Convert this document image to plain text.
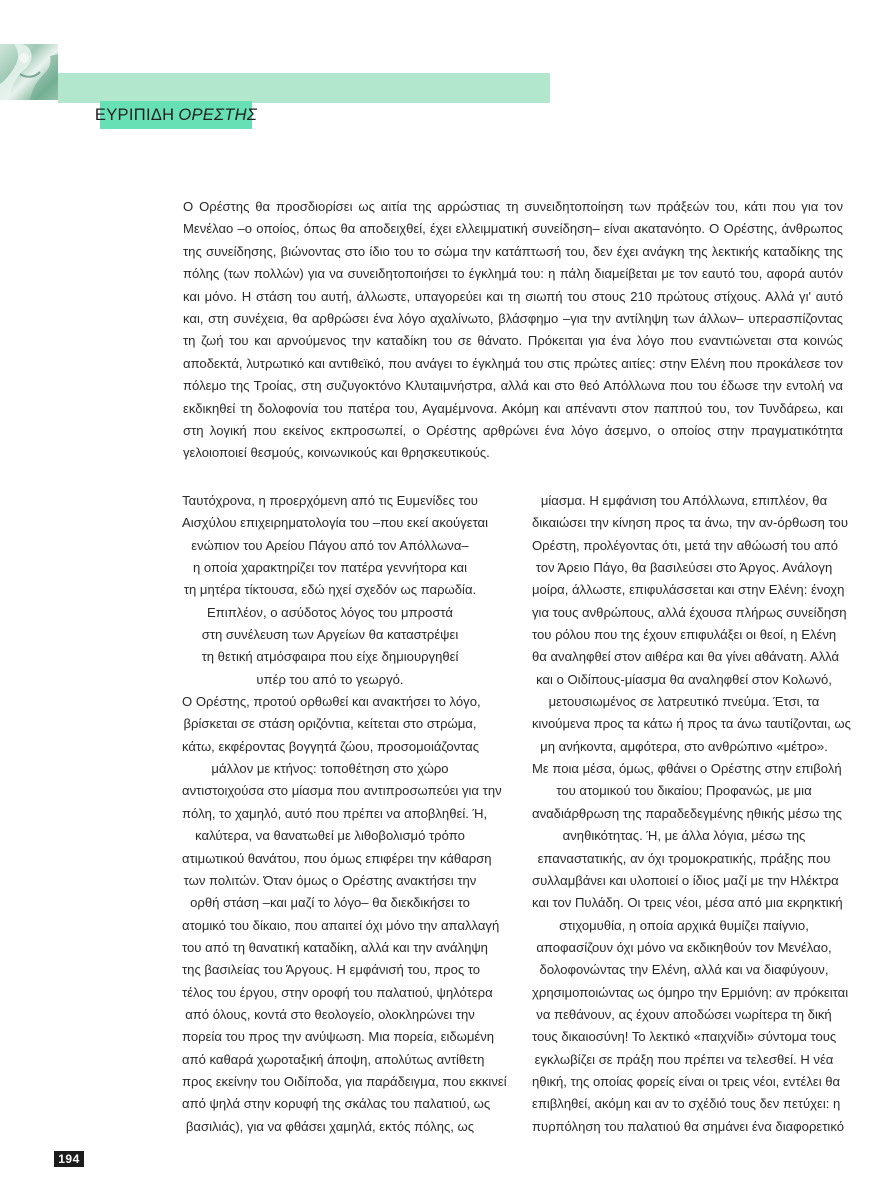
ΕΥΡΙΠΙΔΗ ΟΡΕΣΤΗΣ

Ο Ορέστης θα προσδιορίσει ως αιτία της αρρώστιας τη συνειδητοποίηση των πράξεών του, κάτι που για τον Μενέλαο –ο οποίος, όπως θα αποδειχθεί, έχει ελλειμματική συνείδηση– είναι ακατανόητο. Ο Ορέστης, άνθρωπος της συνείδησης, βιώνοντας στο ίδιο του το σώμα την κατάπτωσή του, δεν έχει ανάγκη της λεκτικής καταδίκης της πόλης (των πολλών) για να συνειδητοποιήσει το έγκλημά του: η πάλη διαμείβεται με τον εαυτό του, αφορά αυτόν και μόνο. Η στάση του αυτή, άλλωστε, υπαγορεύει και τη σιωπή του στους 210 πρώτους στίχους. Αλλά γι' αυτό και, στη συνέχεια, θα αρθρώσει ένα λόγο αχαλίνωτο, βλάσφημο –για την αντίληψη των άλλων– υπερασπίζοντας τη ζωή του και αρνούμενος την καταδίκη του σε θάνατο. Πρόκειται για ένα λόγο που εναντιώνεται στα κοινώς αποδεκτά, λυτρωτικό και αντιθεϊκό, που ανάγει το έγκλημά του στις πρώτες αιτίες: στην Ελένη που προκάλεσε τον πόλεμο της Τροίας, στη συζυγοκτόνο Κλυταιμνήστρα, αλλά και στο θεό Απόλλωνα που του έδωσε την εντολή να εκδικηθεί τη δολοφονία του πατέρα του, Αγαμέμνονα. Ακόμη και απέναντι στον παππού του, τον Τυνδάρεω, και στη λογική που εκείνος εκπροσωπεί, ο Ορέστης αρθρώνει ένα λόγο άσεμνο, ο οποίος στην πραγματικότητα γελοιοποιεί θεσμούς, κοινωνικούς και θρησκευτικούς.

Ταυτόχρονα, η προερχόμενη από τις Ευμενίδες του

Αισχύλου επιχειρηματολογία του –που εκεί ακούγεται

ενώπιον του Αρείου Πάγου από τον Απόλλωνα–

η οποία χαρακτηρίζει τον πατέρα γεννήτορα και

τη μητέρα τίκτουσα, εδώ ηχεί σχεδόν ως παρωδία.

Επιπλέον, ο ασύδοτος λόγος του μπροστά

στη συνέλευση των Αργείων θα καταστρέψει

τη θετική ατμόσφαιρα που είχε δημιουργηθεί

υπέρ του από το γεωργό.

Ο Ορέστης, προτού ορθωθεί και ανακτήσει το λόγο,

βρίσκεται σε στάση οριζόντια, κείτεται στο στρώμα,

κάτω, εκφέροντας βογγητά ζώου, προσομοιάζοντας

μάλλον με κτήνος: τοποθέτηση στο χώρο

αντιστοιχούσα στο μίασμα που αντιπροσωπεύει για την

πόλη, το χαμηλό, αυτό που πρέπει να αποβληθεί. Ή,

καλύτερα, να θανατωθεί με λιθοβολισμό τρόπο

ατιμωτικού θανάτου, που όμως επιφέρει την κάθαρση

των πολιτών. Όταν όμως ο Ορέστης ανακτήσει την

ορθή στάση –και μαζί το λόγο– θα διεκδικήσει το

ατομικό του δίκαιο, που απαιτεί όχι μόνο την απαλλαγή

του από τη θανατική καταδίκη, αλλά και την ανάληψη

της βασιλείας του Άργους. Η εμφάνισή του, προς το

τέλος του έργου, στην οροφή του παλατιού, ψηλότερα

από όλους, κοντά στο θεολογείο, ολοκληρώνει την

πορεία του προς την ανύψωση. Μια πορεία, ειδωμένη

από καθαρά χωροταξική άποψη, απολύτως αντίθετη

προς εκείνην του Οιδίποδα, για παράδειγμα, που εκκινεί

από ψηλά στην κορυφή της σκάλας του παλατιού, ως

βασιλιάς), για να φθάσει χαμηλά, εκτός πόλης, ως

μίασμα. Η εμφάνιση του Απόλλωνα, επιπλέον, θα

δικαιώσει την κίνηση προς τα άνω, την αν-όρθωση του

Ορέστη, προλέγοντας ότι, μετά την αθώωσή του από

τον Άρειο Πάγο, θα βασιλεύσει στο Άργος. Ανάλογη

μοίρα, άλλωστε, επιφυλάσσεται και στην Ελένη: ένοχη

για τους ανθρώπους, αλλά έχουσα πλήρως συνείδηση

του ρόλου που της έχουν επιφυλάξει οι θεοί, η Ελένη

θα αναληφθεί στον αιθέρα και θα γίνει αθάνατη. Αλλά

και ο Οιδίπους-μίασμα θα αναληφθεί στον Κολωνό,

μετουσιωμένος σε λατρευτικό πνεύμα. Έτσι, τα

κινούμενα προς τα κάτω ή προς τα άνω ταυτίζονται, ως

μη ανήκοντα, αμφότερα, στο ανθρώπινο «μέτρο».

Με ποια μέσα, όμως, φθάνει ο Ορέστης στην επιβολή

του ατομικού του δικαίου; Προφανώς, με μια

αναδιάρθρωση της παραδεδεγμένης ηθικής μέσω της

ανηθικότητας. Ή, με άλλα λόγια, μέσω της

επαναστατικής, αν όχι τρομοκρατικής, πράξης που

συλλαμβάνει και υλοποιεί ο ίδιος μαζί με την Ηλέκτρα

και τον Πυλάδη. Οι τρεις νέοι, μέσα από μια εκρηκτική

στιχομυθία, η οποία αρχικά θυμίζει παίγνιο,

αποφασίζουν όχι μόνο να εκδικηθούν τον Μενέλαο,

δολοφονώντας την Ελένη, αλλά και να διαφύγουν,

χρησιμοποιώντας ως όμηρο την Ερμιόνη: αν πρόκειται

να πεθάνουν, ας έχουν αποδώσει νωρίτερα τη δική

τους δικαιοσύνη! Το λεκτικό «παιχνίδι» σύντομα τους

εγκλωβίζει σε πράξη που πρέπει να τελεσθεί. Η νέα

ηθική, της οποίας φορείς είναι οι τρεις νέοι, εντέλει θα

επιβληθεί, ακόμη και αν το σχέδιό τους δεν πετύχει: η

πυρπόληση του παλατιού θα σημάνει ένα διαφορετικό

194
